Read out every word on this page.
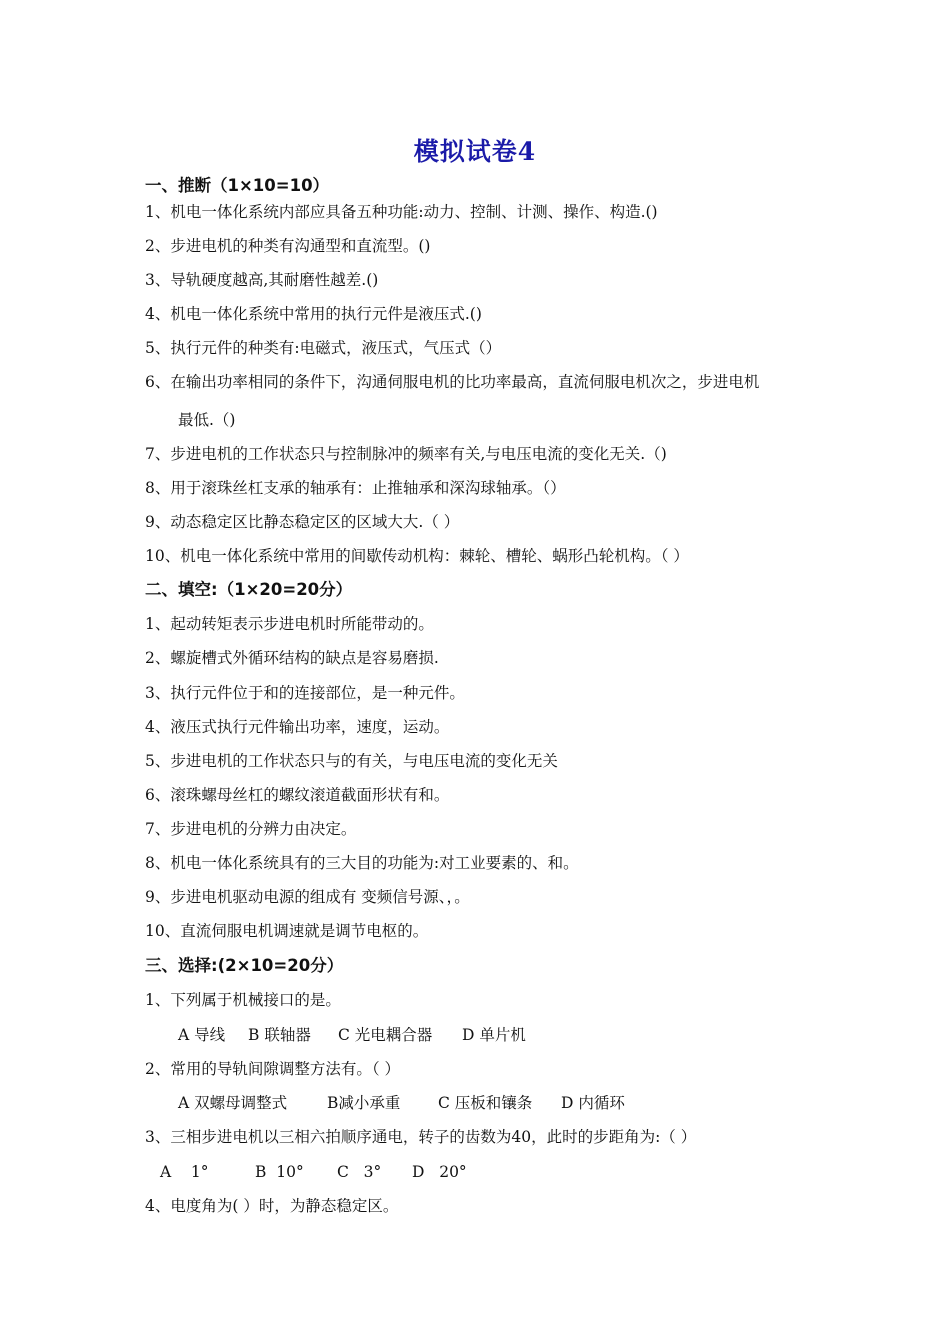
模拟试卷4
一、推断（1×10=10）
1、机电一体化系统内部应具备五种功能:动力、控制、计测、操作、构造.()
2、步进电机的种类有沟通型和直流型。()
3、导轨硬度越高,其耐磨性越差.()
4、机电一体化系统中常用的执行元件是液压式.()
5、执行元件的种类有:电磁式，液压式，气压式（）
6、在输出功率相同的条件下，沟通伺服电机的比功率最高，直流伺服电机次之，步进电机
最低.（)
7、步进电机的工作状态只与控制脉冲的频率有关,与电压电流的变化无关.（)
8、用于滚珠丝杠支承的轴承有：止推轴承和深沟球轴承。（）
9、动态稳定区比静态稳定区的区域大大.（ ）
10、机电一体化系统中常用的间歇传动机构：棘轮、槽轮、蜗形凸轮机构。（ ）
二、填空:（1×20=20分）
1、起动转矩表示步进电机时所能带动的。
2、螺旋槽式外循环结构的缺点是容易磨损.
3、执行元件位于和的连接部位，是一种元件。
4、液压式执行元件输出功率，速度，运动。
5、步进电机的工作状态只与的有关，与电压电流的变化无关
6、滚珠螺母丝杠的螺纹滚道截面形状有和。
7、步进电机的分辨力由决定。
8、机电一体化系统具有的三大目的功能为:对工业要素的、和。
9、步进电机驱动电源的组成有 变频信号源、，。
10、直流伺服电机调速就是调节电枢的。
三、选择:(2×10=20分）
1、下列属于机械接口的是。
A 导线 B 联轴器 C 光电耦合器 D 单片机
2、常用的导轨间隙调整方法有。（ ）
A 双螺母调整式	B减小承重 C 压板和镶条 D 内循环
3、三相步进电机以三相六拍顺序通电，转子的齿数为40，此时的步距角为:（ ）
A    1°	B  10° C   3° D   20°
4、电度角为( ）时，为静态稳定区。
